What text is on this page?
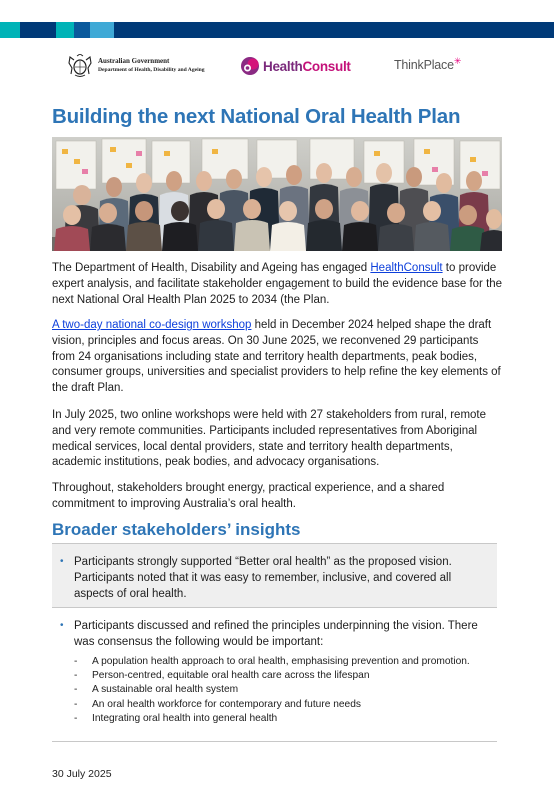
Australian Government
Department of Health, Disability and Ageing	HealthConsult	ThinkPlace✳
Building the next National Oral Health Plan

The Department of Health, Disability and Ageing has engaged HealthConsult to provide expert analysis, and facilitate stakeholder engagement to build the evidence base for the next National Oral Health Plan 2025 to 2034 (the Plan.

A two-day national co-design workshop held in December 2024 helped shape the draft vision, principles and focus areas. On 30 June 2025, we reconvened 29 participants from 24 organisations including state and territory health departments, peak bodies, consumer groups, universities and specialist providers to help refine the key elements of the draft Plan.

In July 2025, two online workshops were held with 27 stakeholders from rural, remote and very remote communities. Participants included representatives from Aboriginal medical services, local dental providers, state and territory health departments, academic institutions, peak bodies, and advocacy organisations.

Throughout, stakeholders brought energy, practical experience, and a shared commitment to improving Australia’s oral health.

Broader stakeholders’ insights
• Participants strongly supported “Better oral health” as the proposed vision. Participants noted that it was easy to remember, inclusive, and covered all aspects of oral health.

• Participants discussed and refined the principles underpinning the vision. There was consensus the following would be important:

- A population health approach to oral health, emphasising prevention and promotion.
- Person-centred, equitable oral health care across the lifespan
- A sustainable oral health system
- An oral health workforce for contemporary and future needs
- Integrating oral health into general health
30 July 2025
